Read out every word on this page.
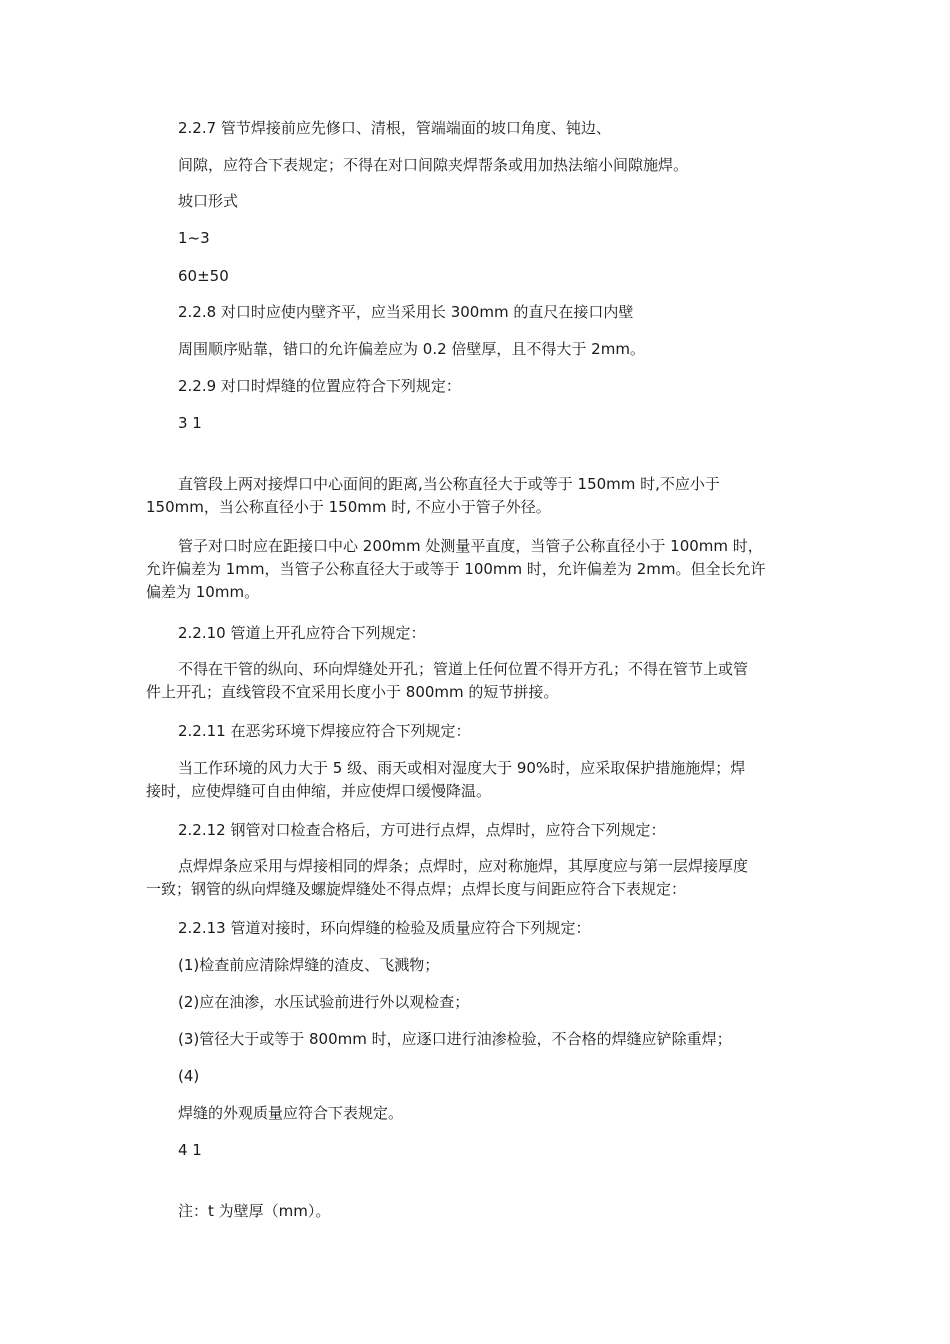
2.2.7 管节焊接前应先修口、清根，管端端面的坡口角度、钝边、
间隙，应符合下表规定；不得在对口间隙夹焊帮条或用加热法缩小间隙施焊。
坡口形式
1~3
60±50
2.2.8 对口时应使内壁齐平，应当采用长 300mm 的直尺在接口内壁
周围顺序贴靠，错口的允许偏差应为 0.2 倍壁厚，且不得大于 2mm。
2.2.9 对口时焊缝的位置应符合下列规定：
3 1
直管段上两对接焊口中心面间的距离,当公称直径大于或等于 150mm 时,不应小于
150mm，当公称直径小于 150mm 时, 不应小于管子外径。
管子对口时应在距接口中心 200mm 处测量平直度，当管子公称直径小于 100mm 时，
允许偏差为 1mm，当管子公称直径大于或等于 100mm 时，允许偏差为 2mm。但全长允许
偏差为 10mm。
2.2.10 管道上开孔应符合下列规定：
不得在干管的纵向、环向焊缝处开孔；管道上任何位置不得开方孔；不得在管节上或管
件上开孔；直线管段不宜采用长度小于 800mm 的短节拼接。
2.2.11 在恶劣环境下焊接应符合下列规定：
当工作环境的风力大于 5 级、雨天或相对湿度大于 90%时，应采取保护措施施焊；焊
接时，应使焊缝可自由伸缩，并应使焊口缓慢降温。
2.2.12 钢管对口检查合格后，方可进行点焊，点焊时，应符合下列规定：
点焊焊条应采用与焊接相同的焊条；点焊时，应对称施焊，其厚度应与第一层焊接厚度
一致；钢管的纵向焊缝及螺旋焊缝处不得点焊；点焊长度与间距应符合下表规定：
2.2.13 管道对接时，环向焊缝的检验及质量应符合下列规定：
(1)检查前应清除焊缝的渣皮、飞溅物；
(2)应在油渗，水压试验前进行外以观检查；
(3)管径大于或等于 800mm 时，应逐口进行油渗检验，不合格的焊缝应铲除重焊；
(4)
焊缝的外观质量应符合下表规定。
4 1
注：t 为壁厚（mm）。
